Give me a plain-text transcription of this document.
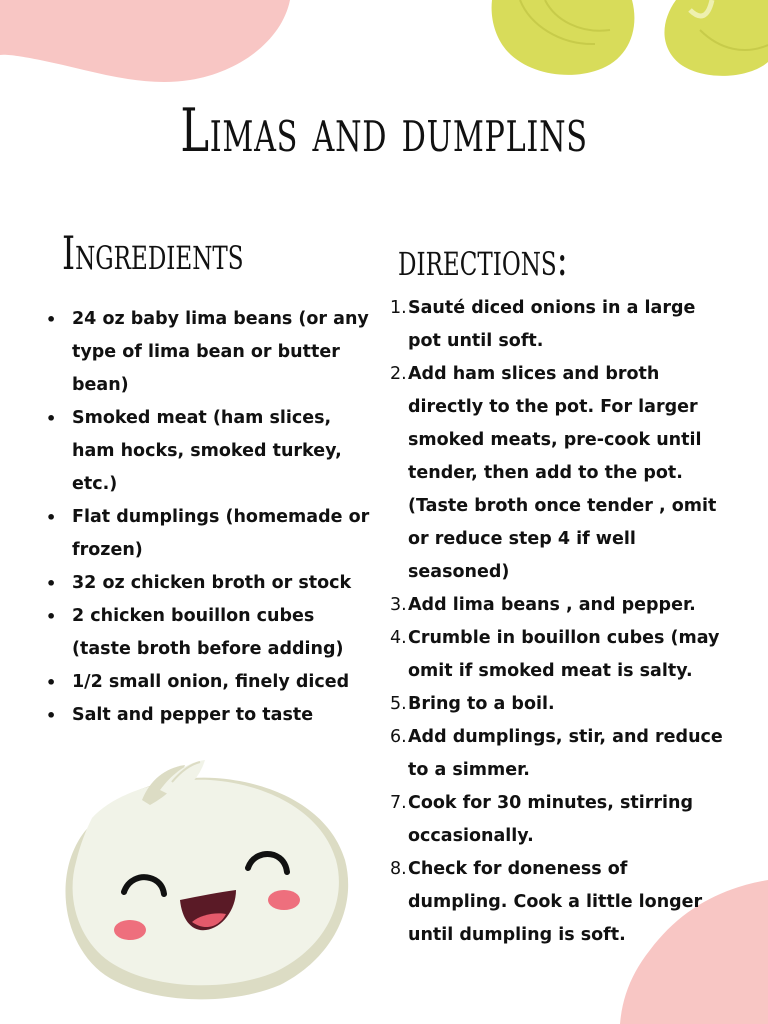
Limas and dumplins
Ingredients
• 24 oz baby lima beans (or any type of lima bean or butter bean)
• Smoked meat (ham slices, ham hocks, smoked turkey, etc.)
• Flat dumplings (homemade or frozen)
• 32 oz chicken broth or stock
• 2 chicken bouillon cubes (taste broth before adding)
• 1/2 small onion, finely diced
• Salt and pepper to taste
directions:
1. Sauté diced onions in a large pot until soft.
2. Add ham slices and broth directly to the pot. For larger smoked meats, pre-cook until tender, then add to the pot. (Taste broth once tender , omit or reduce step 4 if well seasoned)
3. Add lima beans , and pepper.
4. Crumble in bouillon cubes (may omit if smoked meat is salty.
5. Bring to a boil.
6. Add dumplings, stir, and reduce to a simmer.
7. Cook for 30 minutes, stirring occasionally.
8. Check for doneness of dumpling. Cook a little longer until dumpling is soft.
